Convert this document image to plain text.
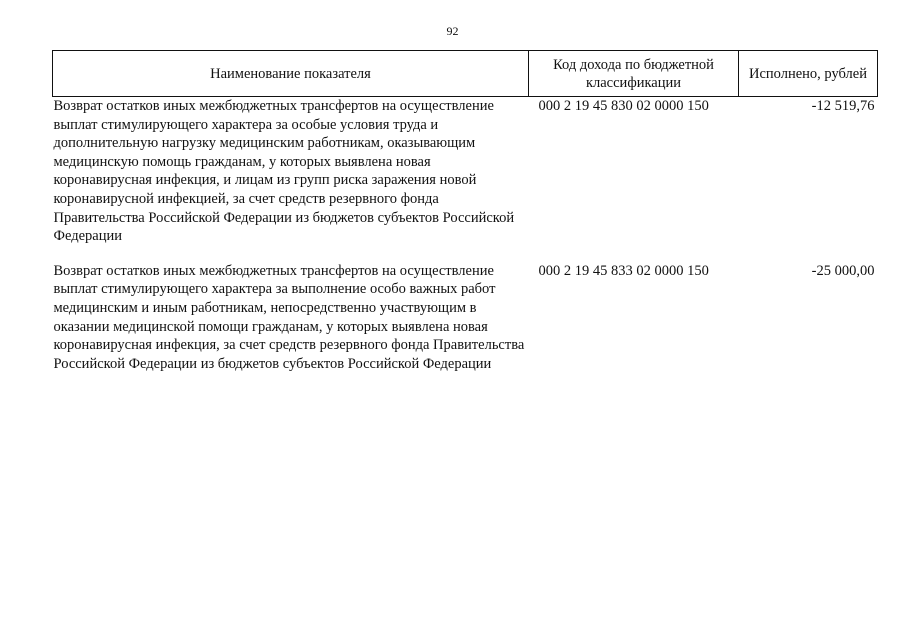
92
Наименование показателя	Код дохода по бюджетной классификации	Исполнено, рублей
Возврат остатков иных межбюджетных трансфертов на осуществление выплат стимулирующего характера за особые условия труда и дополнительную нагрузку медицинским работникам, оказывающим медицинскую помощь гражданам, у которых выявлена новая коронавирусная инфекция, и лицам из групп риска заражения новой коронавирусной инфекцией, за счет средств резервного фонда Правительства Российской Федерации из бюджетов субъектов Российской Федерации	000 2 19 45 830 02 0000 150	-12 519,76
Возврат остатков иных межбюджетных трансфертов на осуществление выплат стимулирующего характера за выполнение особо важных работ медицинским и иным работникам, непосредственно участвующим в оказании медицинской помощи гражданам, у которых выявлена новая коронавирусная инфекция, за счет средств резервного фонда Правительства Российской Федерации из бюджетов субъектов Российской Федерации	000 2 19 45 833 02 0000 150	-25 000,00
